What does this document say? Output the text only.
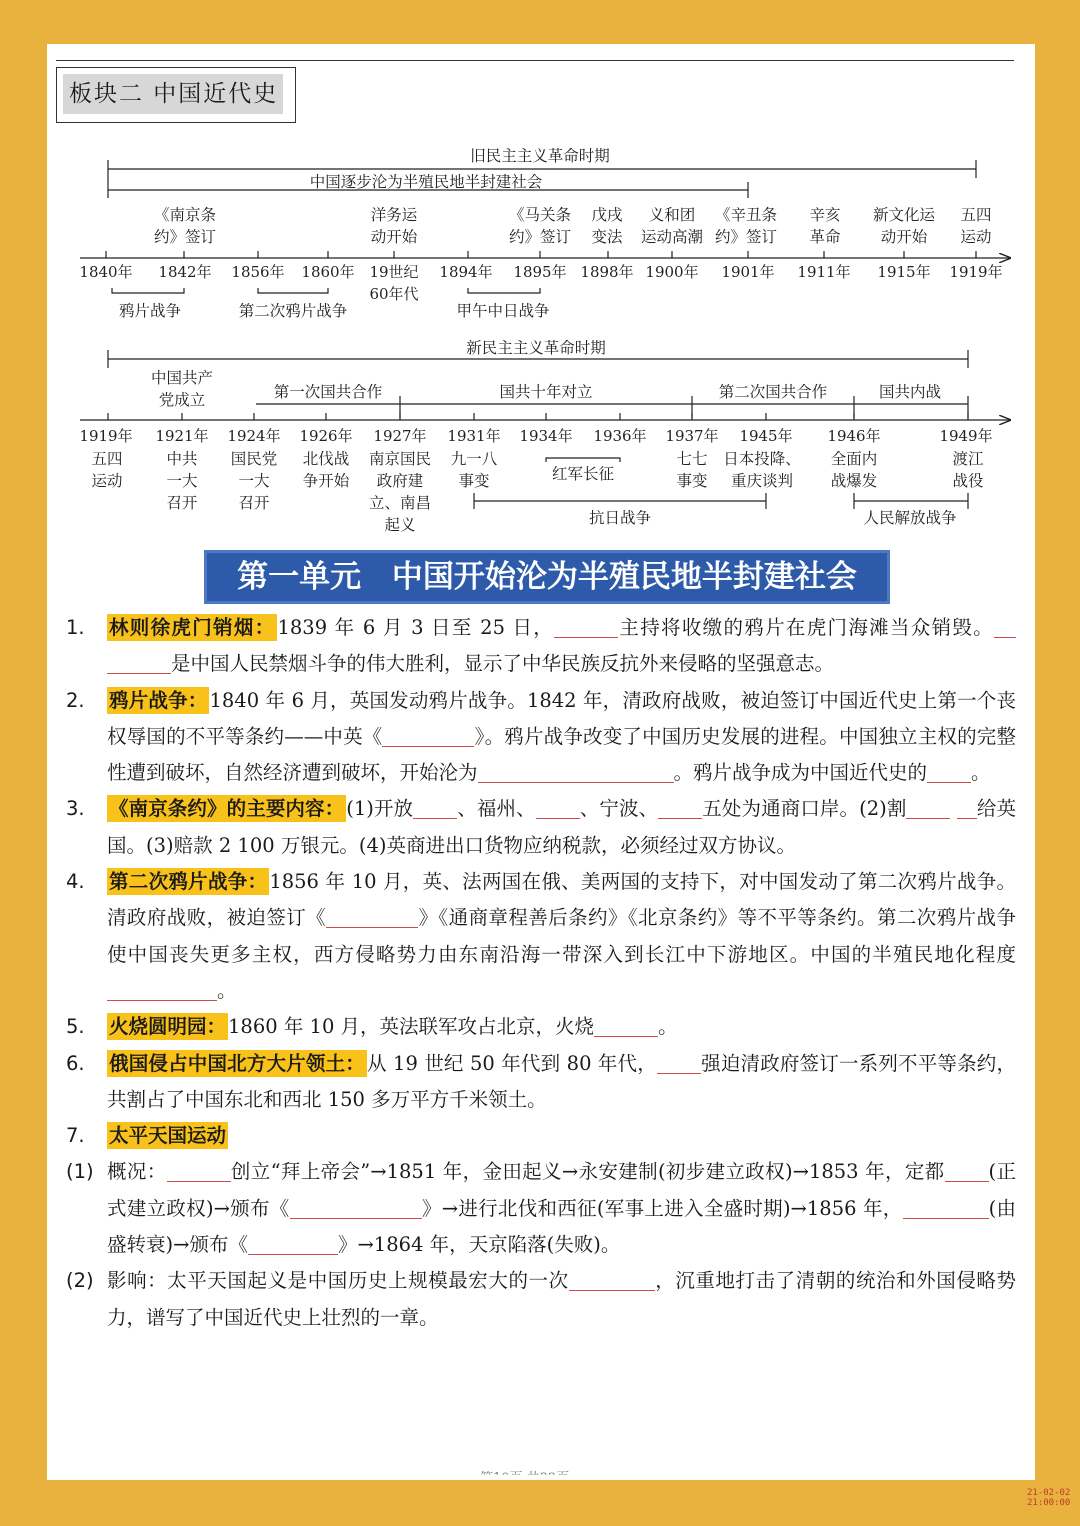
板块二 中国近代史
旧民主主义革命时期
中国逐步沦为半殖民地半封建社会
《南京条
约》签订
洋务运
动开始
《马关条
约》签订
戊戌
变法
义和团
运动高潮
《辛丑条
约》签订
辛亥
革命
新文化运
动开始
五四
运动
1840年 1842年 1856年 1860年 19世纪
60年代
1894年 1895年 1898年 1900年 1901年 1911年 1915年 1919年
鸦片战争	第二次鸦片战争	甲午中日战争
新民主主义革命时期
中国共产
党成立	第一次国共合作	国共十年对立	第二次国共合作	国共内战
1919年 1921年 1924年 1926年 1927年 1931年 1934年 1936年 1937年 1945年 1946年	1949年
五四
运动
中共
一大
召开
国民党
一大
召开
北伐战
争开始
南京国民
政府建
立、南昌
起义
九一八
事变	红军长征
七七
事变
日本投降、
重庆谈判
全面内
战爆发
渡江
战役
抗日战争	人民解放战争
第一单元 中国开始沦为半殖民地半封建社会
1. 林则徐虎门销烟： 1839 年 6 月 3 日至 25 日，	主持将收缴的鸦片在虎门海滩当众销毁。 是中国人民禁烟斗争的伟大胜利，显示了中华民族反抗外来侵略的坚强意志。
2. 鸦片战争： 1840 年 6 月，英国发动鸦片战争。1842 年，清政府战败，被迫签订中国近代史上第一个丧权辱国的不平等条约——中英《	》。鸦片战争改变了中国历史发展的进程。中国独立主权的完整性遭到破坏，自然经济遭到破坏，开始沦为	。鸦片战争成为中国近代史的 。
3. 《南京条约》的主要内容： (1)开放 、福州、 、宁波、 五处为通商口岸。(2)割	给英国。(3)赔款 2 100 万银元。(4)英商进出口货物应纳税款，必须经过双方协议。
4. 第二次鸦片战争： 1856 年 10 月，英、法两国在俄、美两国的支持下，对中国发动了第二次鸦片战争。清政府战败，被迫签订《	》《通商章程善后条约》《北京条约》等不平等条约。第二次鸦片战争使中国丧失更多主权，西方侵略势力由东南沿海一带深入到长江中下游地区。中国的半殖民地化程度。
5. 火烧圆明园： 1860 年 10 月，英法联军攻占北京，火烧	。
6. 俄国侵占中国北方大片领土： 从 19 世纪 50 年代到 80 年代， 强迫清政府签订一系列不平等条约，共割占了中国东北和西北 150 多万平方千米领土。
7. 太平天国运动
(1) 概况：	创立“拜上帝会”→1851 年，金田起义→永安建制(初步建立政权)→1853 年，定都 (正式建立政权)→颁布《	》→进行北伐和西征(军事上进入全盛时期)→1856 年，	(由盛转衰)→颁布《	》→1864 年，天京陷落(失败)。
(2) 影响：太平天国起义是中国历史上规模最宏大的一次	，沉重地打击了清朝的统治和外国侵略势力，谱写了中国近代史上壮烈的一章。
21-02-02
21:00:00
